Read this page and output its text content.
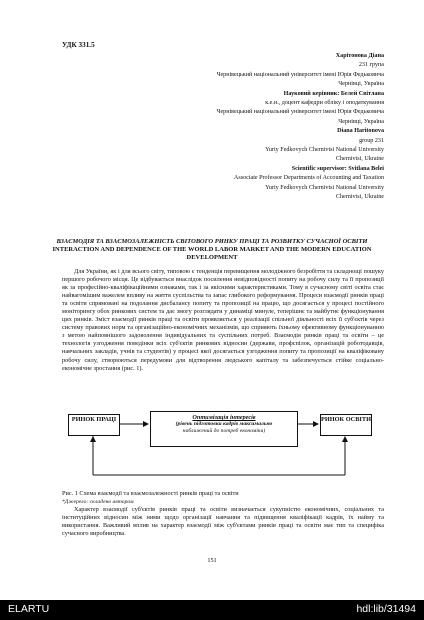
УДК 331.5
Харітонова Діана
231 група
Чернівецький національний університет імені Юрія Федьковича
Чернівці, Україна
Науковий керівник: Белей Світлана
к.е.н., доцент кафедри обліку і оподаткування
Чернівецький національний університет імені Юрія Федьковича
Чернівці, Україна
Diana Haritonova
group 231
Yuriy Fedkovych Chernivtsi National University
Chernivtsi, Ukraine
Scientific supervisor: Svitlana Belei
Associate Professor Departments of Accounting and Taxation
Yuriy Fedkovych Chernivtsi National University
Chernivtsi, Ukraine
ВЗАЄМОДІЯ ТА ВЗАЄМОЗАЛЕЖНІСТЬ СВІТОВОГО РИНКУ ПРАЦІ ТА РОЗВИТКУ СУЧАСНОЇ ОСВІТИ
INTERACTION AND DEPENDENCE OF THE WORLD LABOR MARKET AND THE MODERN EDUCATION DEVELOPMENT

Для України, як і для всього світу, типовою є тенденція перевищення молодіжного безробіття та складнощі пошуку першого робочого місця. Це відбувається внаслідок посилення невідповідності попиту на робочу силу та її пропозиції як за професійно-кваліфікаційними ознаками, так і за якісними характеристиками. Тому в сучасному світі освіта стає найвагомішим важелем впливу на життя суспільства та запас глибокого реформування. Процеси взаємодії ринків праці та освіти спрямовані на подолання дисбалансу попиту та пропозиції на працю, що досягається у процесі постійного моніторингу обох ринкових систем та дає змогу розглядати у динаміці минуле, теперішнє та майбутнє функціонування цих ринків. Зміст взаємодії ринків праці та освіти проявляється у реалізації спільної діяльності всіх її суб'єктів через систему правових норм та організаційно-економічних механізмів, що сприяють їхньому ефективному функціонуванню з метою найповнішого задоволення індивідуальних та суспільних потреб. Взаємодія ринків праці та освіти – це технологія узгодження поведінки всіх суб'єктів ринкових відносин (держави, профспілок, організацій роботодавців, навчальних закладів, учнів та студентів) у процесі якої досягається узгодження попиту та пропозиції на кваліфіковану робочу силу, створюються передумови для відтворення людського капіталу та забезпечується стійке соціально-економічне зростання (рис. 1).

РИНОК ПРАЦІ	Оптимізація інтересів
(рівень підготовки кадрів максимально
наближений до потреб економіки)
РИНОК ОСВІТИ
Рис. 1 Схема взаємодії та взаємозалежності ринків праці та освіти
*Джерело: складено автором

Характер взаємодії суб'єктів ринків праці та освіти визначається сукупністю економічних, соціальних та інституційних відносин між ними щодо організації навчання та підвищення кваліфікації кадрів, їх найму та використання. Важливий вплив на характер взаємодії між суб'єктами ринків праці та освіти має тип та специфіка сучасного виробництва.

151
ELARTU	hdl:lib/31494
